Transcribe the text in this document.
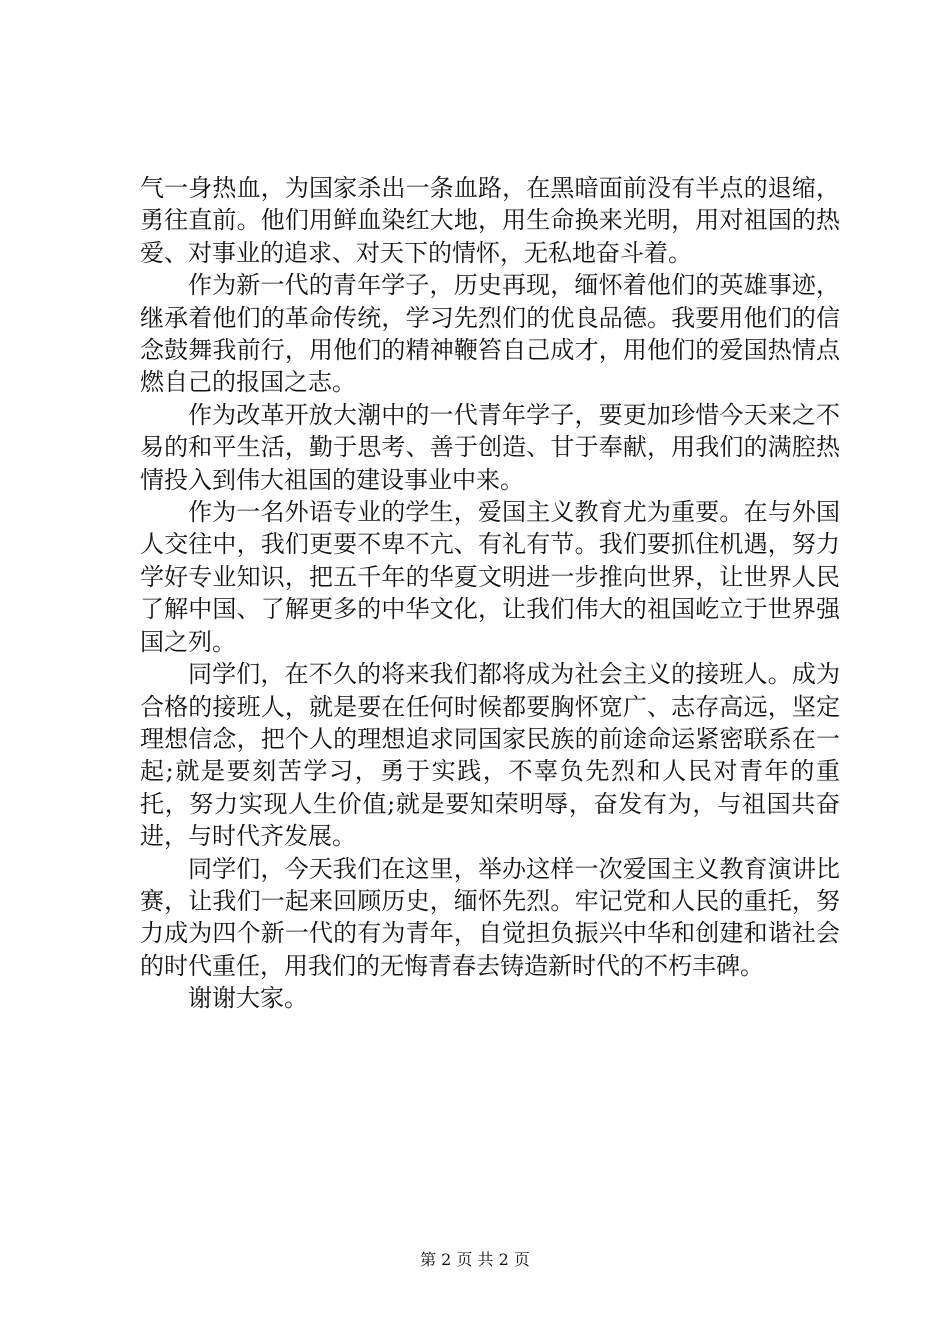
气一身热血，为国家杀出一条血路，在黑暗面前没有半点的退缩，勇往直前。他们用鲜血染红大地，用生命换来光明，用对祖国的热爱、对事业的追求、对天下的情怀，无私地奋斗着。

作为新一代的青年学子，历史再现，缅怀着他们的英雄事迹，继承着他们的革命传统，学习先烈们的优良品德。我要用他们的信念鼓舞我前行，用他们的精神鞭笞自己成才，用他们的爱国热情点燃自己的报国之志。

作为改革开放大潮中的一代青年学子，要更加珍惜今天来之不易的和平生活，勤于思考、善于创造、甘于奉献，用我们的满腔热情投入到伟大祖国的建设事业中来。

作为一名外语专业的学生，爱国主义教育尤为重要。在与外国人交往中，我们更要不卑不亢、有礼有节。我们要抓住机遇，努力学好专业知识，把五千年的华夏文明进一步推向世界，让世界人民了解中国、了解更多的中华文化，让我们伟大的祖国屹立于世界强国之列。

同学们，在不久的将来我们都将成为社会主义的接班人。成为合格的接班人，就是要在任何时候都要胸怀宽广、志存高远，坚定理想信念，把个人的理想追求同国家民族的前途命运紧密联系在一起;就是要刻苦学习，勇于实践，不辜负先烈和人民对青年的重托，努力实现人生价值;就是要知荣明辱，奋发有为，与祖国共奋进，与时代齐发展。

同学们，今天我们在这里，举办这样一次爱国主义教育演讲比赛，让我们一起来回顾历史，缅怀先烈。牢记党和人民的重托，努力成为四个新一代的有为青年，自觉担负振兴中华和创建和谐社会的时代重任，用我们的无悔青春去铸造新时代的不朽丰碑。

谢谢大家。

第 2 页 共 2 页
